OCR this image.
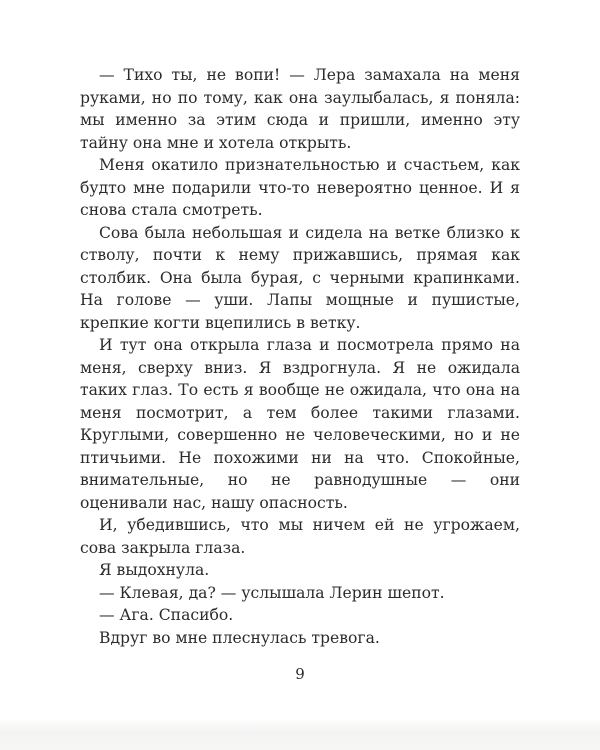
— Тихо ты, не вопи! — Лера замахала на меня руками, но по тому, как она заулыбалась, я поняла: мы именно за этим сюда и пришли, именно эту тайну она мне и хотела открыть.

Меня окатило признательностью и счастьем, как будто мне подарили что-то невероятно ценное. И я снова стала смотреть.

Сова была небольшая и сидела на ветке близко к стволу, почти к нему прижавшись, прямая как столбик. Она была бурая, с черными крапинками. На голове — уши. Лапы мощные и пушистые, крепкие когти вцепились в ветку.

И тут она открыла глаза и посмотрела прямо на меня, сверху вниз. Я вздрогнула. Я не ожидала таких глаз. То есть я вообще не ожидала, что она на меня посмотрит, а тем более такими глазами. Круглыми, совершенно не человеческими, но и не птичьими. Не похожими ни на что. Спокойные, внимательные, но не равнодушные — они оценивали нас, нашу опасность.

И, убедившись, что мы ничем ей не угрожаем, сова закрыла глаза.

Я выдохнула.

— Клевая, да? — услышала Лерин шепот.

— Ага. Спасибо.

Вдруг во мне плеснулась тревога.

9
